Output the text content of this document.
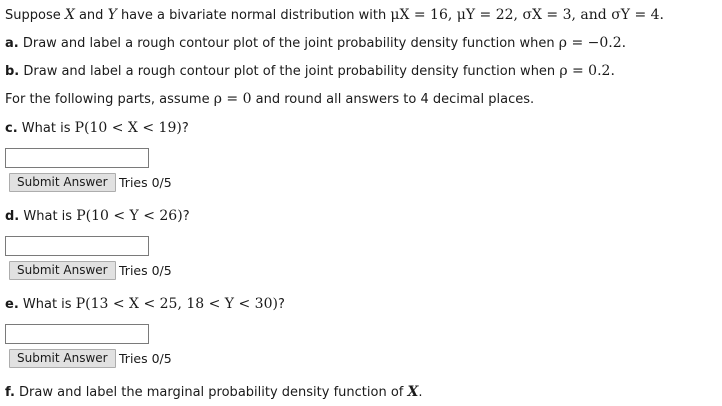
Suppose X and Y have a bivariate normal distribution with μX = 16, μY = 22, σX = 3, and σY = 4.
a. Draw and label a rough contour plot of the joint probability density function when ρ = −0.2.
b. Draw and label a rough contour plot of the joint probability density function when ρ = 0.2.
For the following parts, assume ρ = 0 and round all answers to 4 decimal places.
c. What is P(10 < X < 19)?
Submit Answer Tries 0/5
d. What is P(10 < Y < 26)?
Submit Answer Tries 0/5
e. What is P(13 < X < 25, 18 < Y < 30)?
Submit Answer Tries 0/5
f. Draw and label the marginal probability density function of X.
